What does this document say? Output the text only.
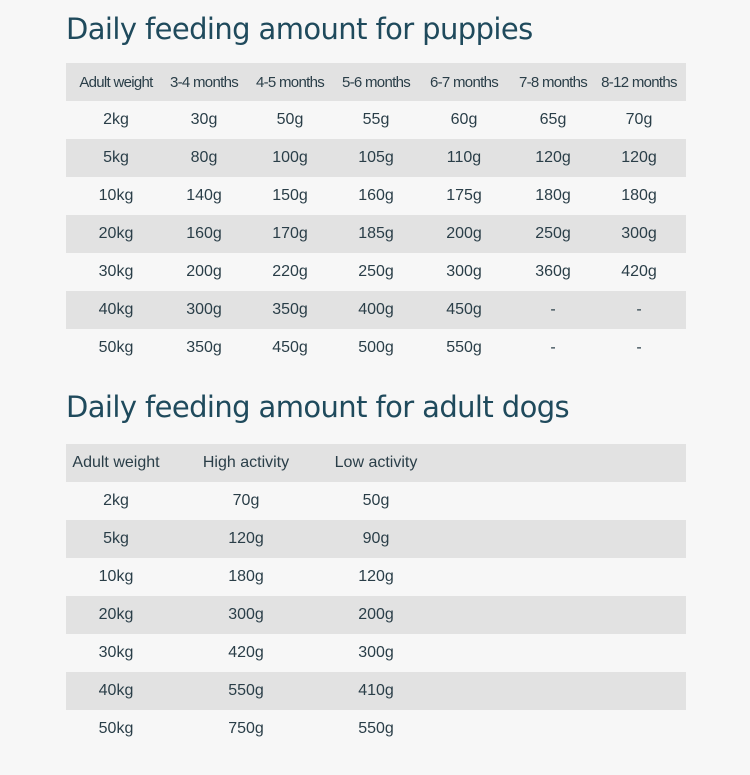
Daily feeding amount for puppies
Adult weight	3-4 months	4-5 months	5-6 months	6-7 months	7-8 months	8-12 months
2kg	30g	50g	55g	60g	65g	70g
5kg	80g	100g	105g	110g	120g	120g
10kg	140g	150g	160g	175g	180g	180g
20kg	160g	170g	185g	200g	250g	300g
30kg	200g	220g	250g	300g	360g	420g
40kg	300g	350g	400g	450g	-	-
50kg	350g	450g	500g	550g	-	-
Daily feeding amount for adult dogs
Adult weight	High activity	Low activity	
2kg	70g	50g	
5kg	120g	90g	
10kg	180g	120g	
20kg	300g	200g	
30kg	420g	300g	
40kg	550g	410g	
50kg	750g	550g	
